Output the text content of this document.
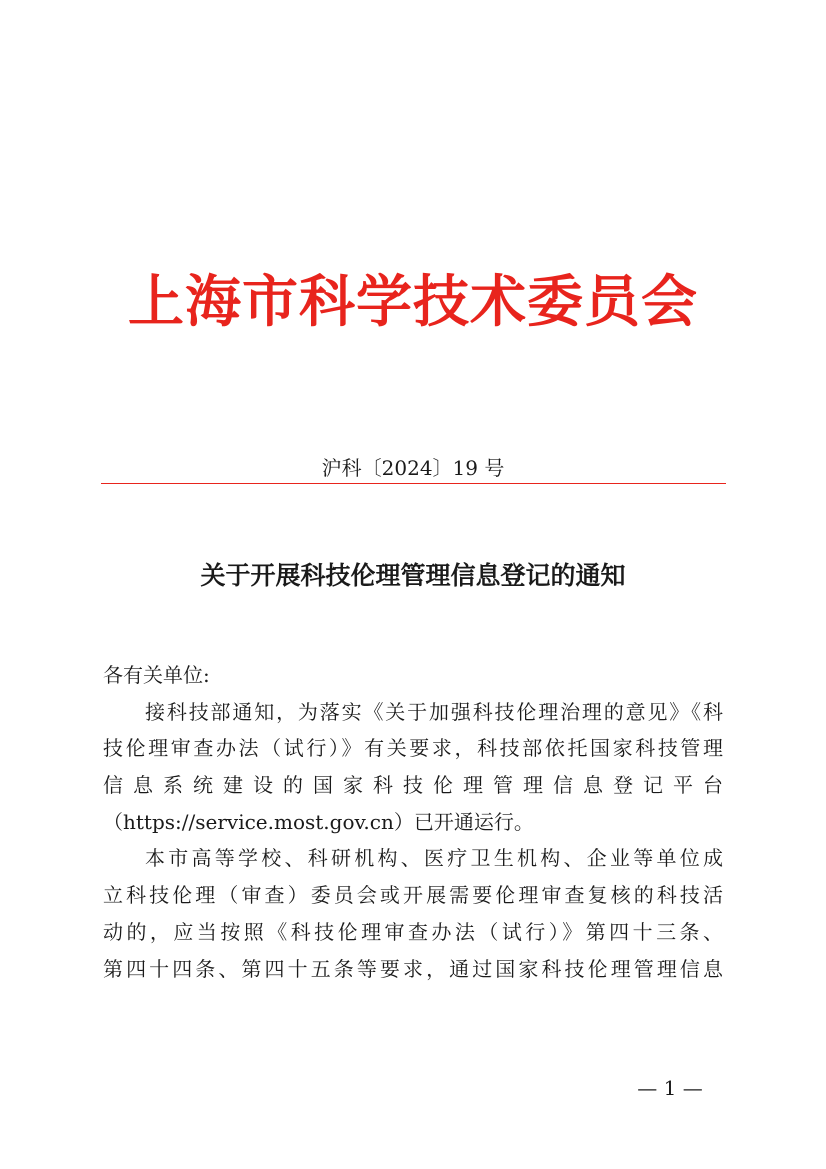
上海市科学技术委员会
沪科〔2024〕19 号
关于开展科技伦理管理信息登记的通知

各有关单位:

接科技部通知，为落实《关于加强科技伦理治理的意见》《科
技伦理审查办法（试行）》有关要求，科技部依托国家科技管理
信息系统建设的国家科技伦理管理信息登记平台
（https://service.most.gov.cn）已开通运行。
本市高等学校、科研机构、医疗卫生机构、企业等单位成
立科技伦理（审查）委员会或开展需要伦理审查复核的科技活
动的，应当按照《科技伦理审查办法（试行）》第四十三条、
第四十四条、第四十五条等要求，通过国家科技伦理管理信息
— 1 —
